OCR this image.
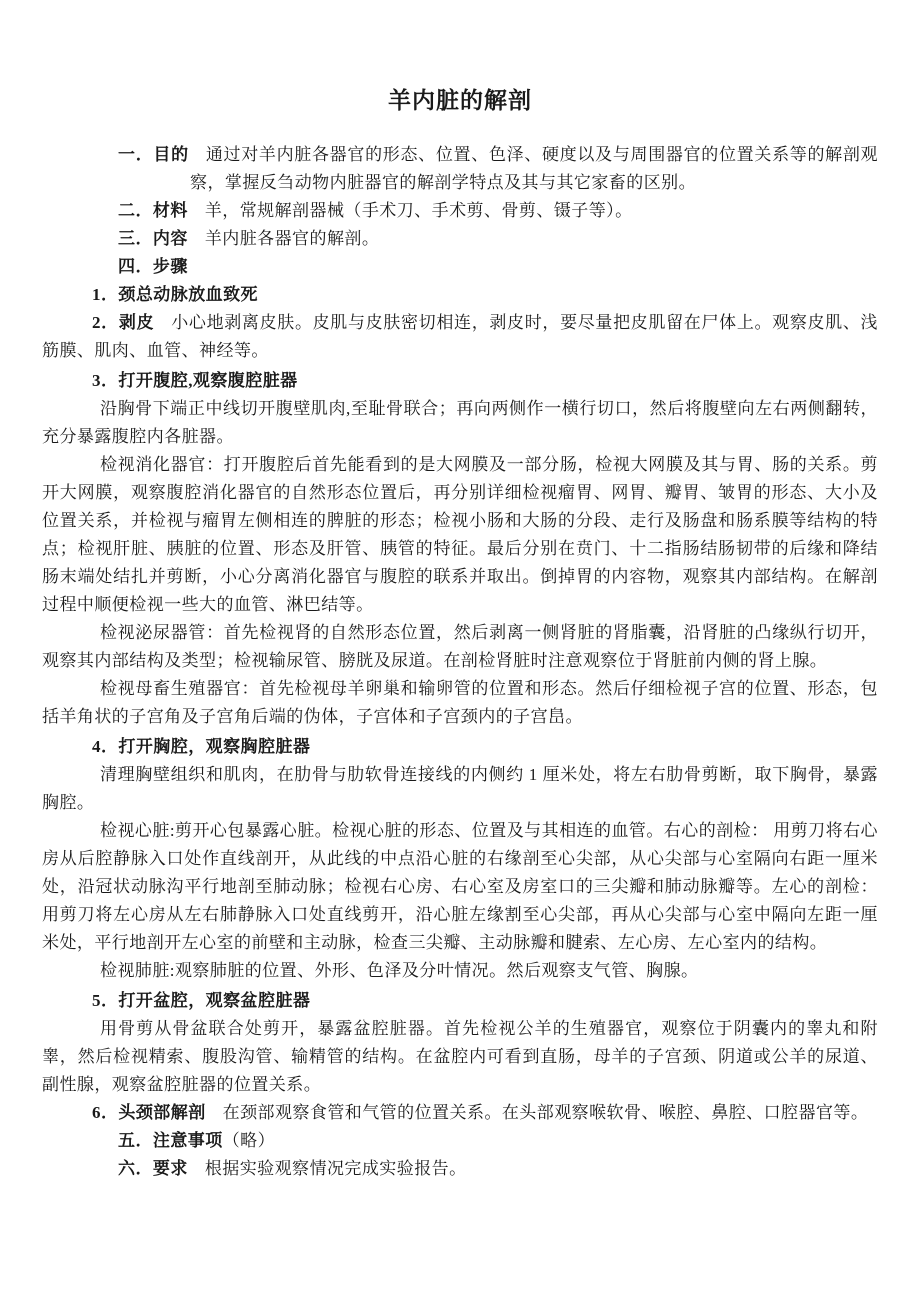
羊内脏的解剖

一．目的 通过对羊内脏各器官的形态、位置、色泽、硬度以及与周围器官的位置关系等的解剖观察，掌握反刍动物内脏器官的解剖学特点及其与其它家畜的区别。

二．材料 羊，常规解剖器械（手术刀、手术剪、骨剪、镊子等）。

三．内容 羊内脏各器官的解剖。

四．步骤

1．颈总动脉放血致死

2．剥皮 小心地剥离皮肤。皮肌与皮肤密切相连，剥皮时，要尽量把皮肌留在尸体上。观察皮肌、浅筋膜、肌肉、血管、神经等。

3．打开腹腔,观察腹腔脏器

沿胸骨下端正中线切开腹壁肌肉,至耻骨联合；再向两侧作一横行切口，然后将腹壁向左右两侧翻转，充分暴露腹腔内各脏器。

检视消化器官：打开腹腔后首先能看到的是大网膜及一部分肠，检视大网膜及其与胃、肠的关系。剪开大网膜，观察腹腔消化器官的自然形态位置后，再分别详细检视瘤胃、网胃、瓣胃、皱胃的形态、大小及位置关系，并检视与瘤胃左侧相连的脾脏的形态；检视小肠和大肠的分段、走行及肠盘和肠系膜等结构的特点；检视肝脏、胰脏的位置、形态及肝管、胰管的特征。最后分别在贲门、十二指肠结肠韧带的后缘和降结肠末端处结扎并剪断，小心分离消化器官与腹腔的联系并取出。倒掉胃的内容物，观察其内部结构。在解剖过程中顺便检视一些大的血管、淋巴结等。

检视泌尿器管：首先检视肾的自然形态位置，然后剥离一侧肾脏的肾脂囊，沿肾脏的凸缘纵行切开，观察其内部结构及类型；检视输尿管、膀胱及尿道。在剖检肾脏时注意观察位于肾脏前内侧的肾上腺。

检视母畜生殖器官：首先检视母羊卵巢和输卵管的位置和形态。然后仔细检视子宫的位置、形态，包括羊角状的子宫角及子宫角后端的伪体，子宫体和子宫颈内的子宫峊。

4．打开胸腔，观察胸腔脏器

清理胸壁组织和肌肉，在肋骨与肋软骨连接线的内侧约 1 厘米处，将左右肋骨剪断，取下胸骨，暴露胸腔。

检视心脏:剪开心包暴露心脏。检视心脏的形态、位置及与其相连的血管。右心的剖检： 用剪刀将右心房从后腔静脉入口处作直线剖开，从此线的中点沿心脏的右缘剖至心尖部，从心尖部与心室隔向右距一厘米处，沿冠状动脉沟平行地剖至肺动脉；检视右心房、右心室及房室口的三尖瓣和肺动脉瓣等。左心的剖检：用剪刀将左心房从左右肺静脉入口处直线剪开，沿心脏左缘割至心尖部，再从心尖部与心室中隔向左距一厘米处，平行地剖开左心室的前壁和主动脉，检查三尖瓣、主动脉瓣和腱索、左心房、左心室内的结构。

检视肺脏:观察肺脏的位置、外形、色泽及分叶情况。然后观察支气管、胸腺。

5．打开盆腔，观察盆腔脏器

用骨剪从骨盆联合处剪开，暴露盆腔脏器。首先检视公羊的生殖器官，观察位于阴囊内的睾丸和附睾，然后检视精索、腹股沟管、输精管的结构。在盆腔内可看到直肠，母羊的子宫颈、阴道或公羊的尿道、副性腺，观察盆腔脏器的位置关系。

6．头颈部解剖 在颈部观察食管和气管的位置关系。在头部观察喉软骨、喉腔、鼻腔、口腔器官等。

五．注意事项（略）

六．要求 根据实验观察情况完成实验报告。
